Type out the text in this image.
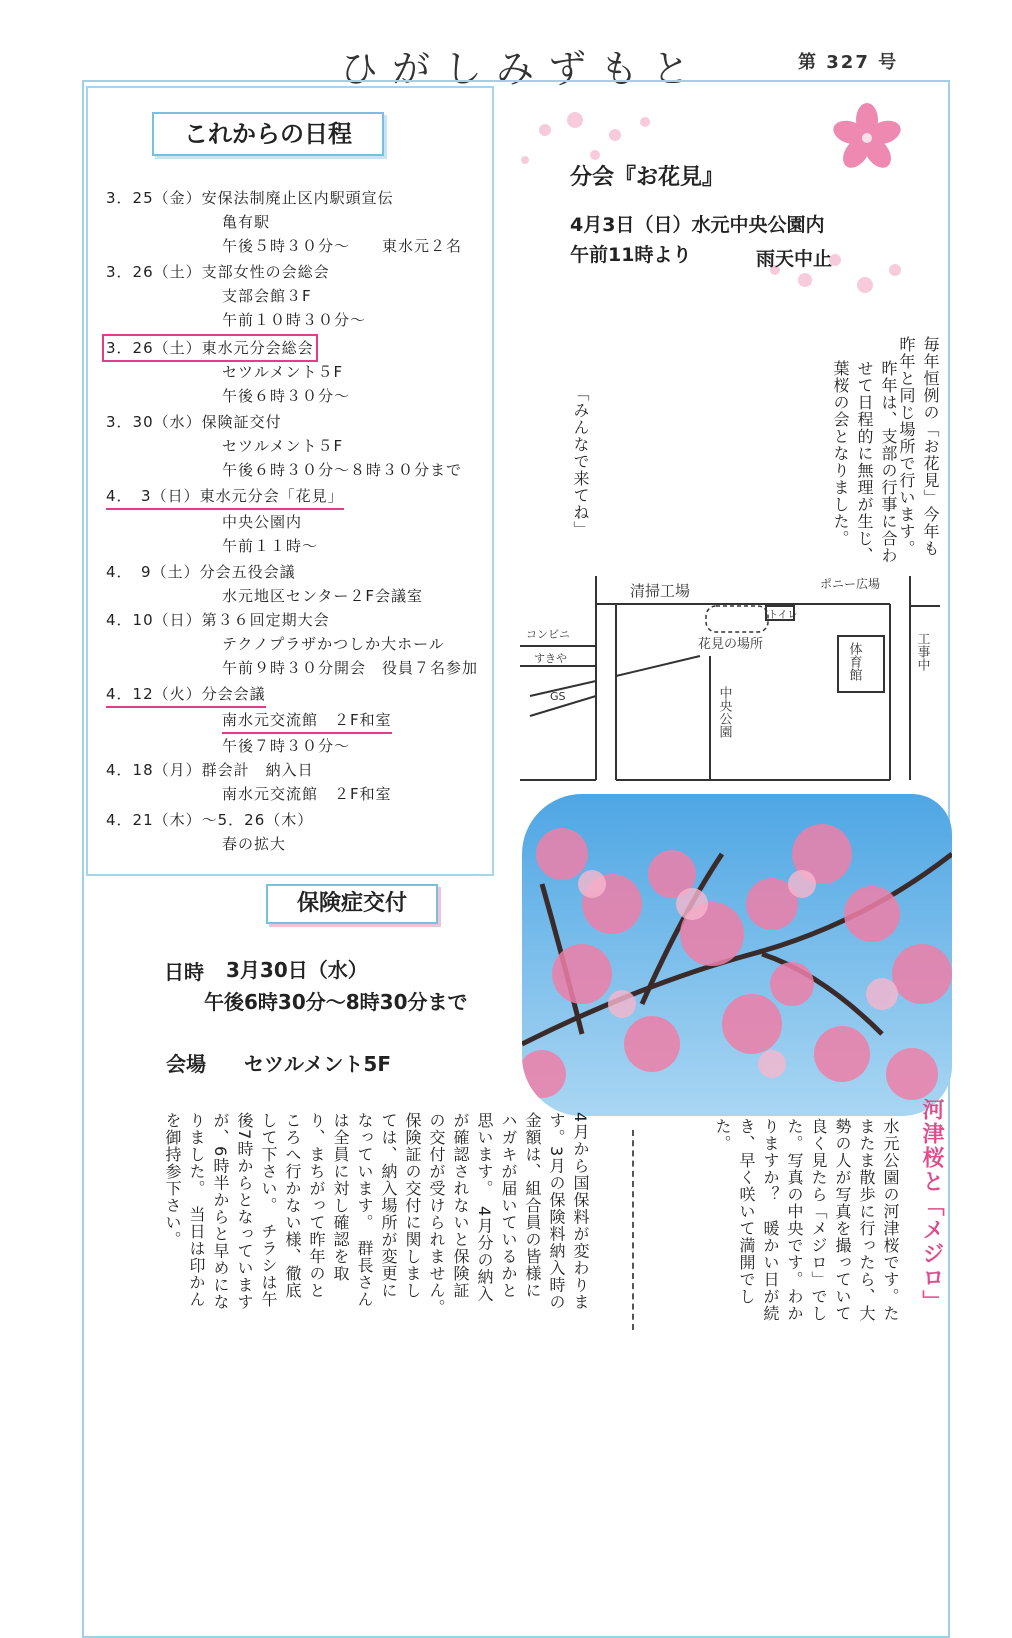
ひがしみずもと	第 327 号
これからの日程
3．25（金）安保法制廃止区内駅頭宣伝
亀有駅
午後５時３０分～　　東水元２名
3．26（土）支部女性の会総会
支部会館３F
午前１０時３０分～
3．26（土）東水元分会総会
セツルメント５F
午後６時３０分～
3．30（水）保険証交付
セツルメント５F
午後６時３０分～８時３０分まで
4．　3（日）東水元分会「花見」
中央公園内
午前１１時～
4．　9（土）分会五役会議
水元地区センター２F会議室
4．10（日）第３６回定期大会
テクノプラザかつしか大ホール
午前９時３０分開会　役員７名参加
4．12（火）分会会議
南水元交流館　２F和室
午後７時３０分～
4．18（月）群会計　納入日
南水元交流館　２F和室
4．21（木）～5．26（木）
春の拡大
分会『お花見』
4月3日（日）水元中央公園内
午前11時より	雨天中止
毎年恒例の「お花見」今年も昨年と同じ場所で行います。
昨年は、支部の行事に合わせて日程的に無理が生じ、葉桜の会となりました。
「みんなで来てね」
清掃工場	ポニー広場
トイレ
花見の場所
中央公園
体育館	工事中
コンビニ
すきや
GS
保険症交付
日時 3月30日（水）
午後6時30分～8時30分まで
会場 セツルメント5F
4月から国保料が変わります。3月の保険料納入時の金額は、組合員の皆様にハガキが届いているかと思います。　4月分の納入が確認されないと保険証の交付が受けられません。　保険証の交付に関しましては、納入場所が変更になっています。　群長さんは全員に対し確認を取り、まちがって昨年のところへ行かない様、徹底して下さい。　チラシは午後7時からとなっていますが、6時半からと早めになりました。　当日は印かんを御持参下さい。	河津桜と「メジロ」
水元公園の河津桜です。たまたま散歩に行ったら、大勢の人が写真を撮っていて良く見たら「メジロ」でした。写真の中央です。わかりますか？　暖かい日が続き、早く咲いて満開でした。
